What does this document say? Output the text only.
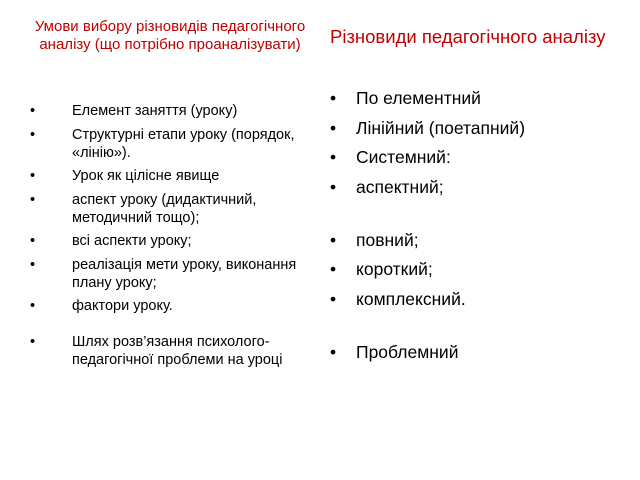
Умови вибору різновидів педагогічного аналізу (що потрібно проаналізувати)	Різновиди педагогічного аналізу
•	Елемент заняття (уроку)
•	Структурні етапи уроку (порядок, «лінію»).
•	Урок як цілісне явище
•	аспект уроку (дидактичний, методичний тощо);
•	всі аспекти уроку;
•	реалізація мети уроку, виконання плану уроку;
•	фактори уроку.
•	Шлях розв’язання психолого-педагогічної проблеми на уроці
• По елементний
• Лінійний (поетапний)
• Системний:
• аспектний;
• повний;
• короткий;
• комплексний.
• Проблемний
